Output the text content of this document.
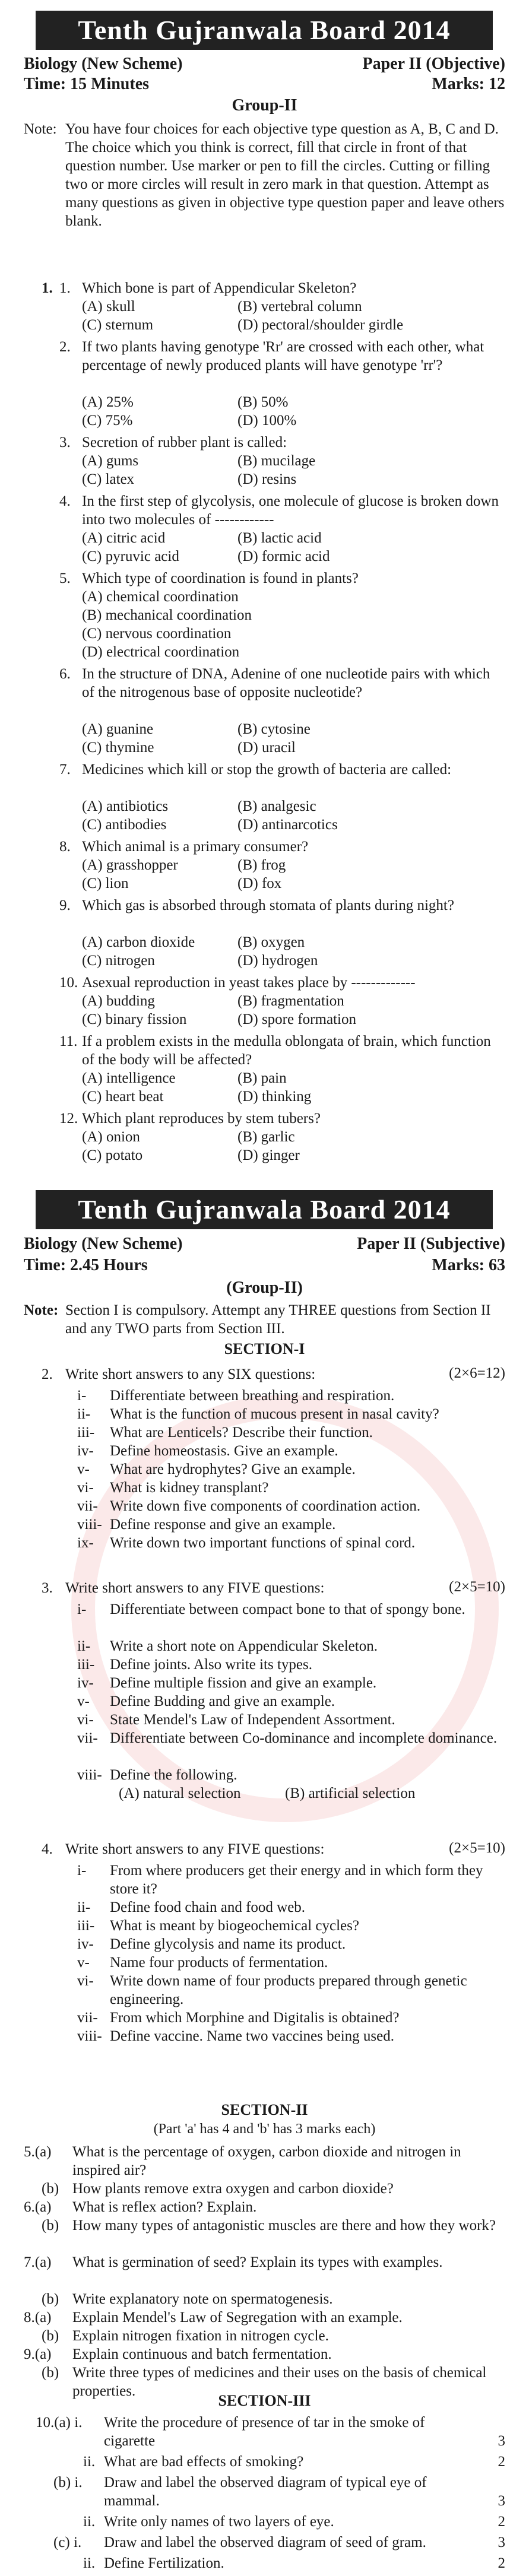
Tenth Gujranwala Board 2014
Biology (New Scheme)	Paper II (Objective)
Time: 15 Minutes	Marks: 12
Group-II
Note: You have four choices for each objective type question as A, B, C and D. The choice which you think is correct, fill that circle in front of that question number. Use marker or pen to fill the circles. Cutting or filling two or more circles will result in zero mark in that question. Attempt as many questions as given in objective type question paper and leave others blank.
1. 1. Which bone is part of Appendicular Skeleton?
(A) skull	(B) vertebral column
(C) sternum	(D) pectoral/shoulder girdle
2. If two plants having genotype 'Rr' are crossed with each other, what percentage of newly produced plants will have genotype 'rr'?
(A) 25%	(B) 50%
(C) 75%	(D) 100%
3. Secretion of rubber plant is called:
(A) gums	(B) mucilage
(C) latex	(D) resins
4. In the first step of glycolysis, one molecule of glucose is broken down into two molecules of ------------
(A) citric acid	(B) lactic acid
(C) pyruvic acid	(D) formic acid
5. Which type of coordination is found in plants?
(A) chemical coordination
(B) mechanical coordination
(C) nervous coordination
(D) electrical coordination
6. In the structure of DNA, Adenine of one nucleotide pairs with which of the nitrogenous base of opposite nucleotide?
(A) guanine	(B) cytosine
(C) thymine	(D) uracil
7. Medicines which kill or stop the growth of bacteria are called:
(A) antibiotics	(B) analgesic
(C) antibodies	(D) antinarcotics
8. Which animal is a primary consumer?
(A) grasshopper	(B) frog
(C) lion	(D) fox
9. Which gas is absorbed through stomata of plants during night?
(A) carbon dioxide	(B) oxygen
(C) nitrogen	(D) hydrogen
10. Asexual reproduction in yeast takes place by -------------
(A) budding	(B) fragmentation
(C) binary fission	(D) spore formation
11. If a problem exists in the medulla oblongata of brain, which function of the body will be affected?
(A) intelligence	(B) pain
(C) heart beat	(D) thinking
12. Which plant reproduces by stem tubers?
(A) onion	(B) garlic
(C) potato	(D) ginger
Tenth Gujranwala Board 2014
Biology (New Scheme)	Paper II (Subjective)
Time: 2.45 Hours	Marks: 63
(Group-II)
Note: Section I is compulsory. Attempt any THREE questions from Section II and any TWO parts from Section III.
SECTION-I
2. Write short answers to any SIX questions:	(2×6=12)
i-	Differentiate between breathing and respiration.
ii-	What is the function of mucous present in nasal cavity?
iii-	What are Lenticels? Describe their function.
iv-	Define homeostasis. Give an example.
v-	What are hydrophytes? Give an example.
vi-	What is kidney transplant?
vii- Write down five components of coordination action.
viii- Define response and give an example.
ix-	Write down two important functions of spinal cord.
3. Write short answers to any FIVE questions:	(2×5=10)
i-	Differentiate between compact bone to that of spongy bone.
ii-	Write a short note on Appendicular Skeleton.
iii-	Define joints. Also write its types.
iv-	Define multiple fission and give an example.
v-	Define Budding and give an example.
vi-	State Mendel's Law of Independent Assortment.
vii- Differentiate between Co-dominance and incomplete dominance.
viii- Define the following.
(A) natural selection	(B) artificial selection
4. Write short answers to any FIVE questions:	(2×5=10)
i-	From where producers get their energy and in which form they store it?
ii-	Define food chain and food web.
iii-	What is meant by biogeochemical cycles?
iv-	Define glycolysis and name its product.
v-	Name four products of fermentation.
vi-	Write down name of four products prepared through genetic engineering.
vii- From which Morphine and Digitalis is obtained?
viii- Define vaccine. Name two vaccines being used.
SECTION-II
(Part 'a' has 4 and 'b' has 3 marks each)
5.(a)	What is the percentage of oxygen, carbon dioxide and nitrogen in inspired air?
(b) How plants remove extra oxygen and carbon dioxide?
6.(a)	What is reflex action? Explain.
(b) How many types of antagonistic muscles are there and how they work?
7.(a)	What is germination of seed? Explain its types with examples.
(b) Write explanatory note on spermatogenesis.
8.(a)	Explain Mendel's Law of Segregation with an example.
(b) Explain nitrogen fixation in nitrogen cycle.
9.(a)	Explain continuous and batch fermentation.
(b) Write three types of medicines and their uses on the basis of chemical properties.
SECTION-III
10.(a) i. Write the procedure of presence of tar in the smoke of cigarette	3
ii. What are bad effects of smoking?	2
(b) i. Draw and label the observed diagram of typical eye of mammal.	3
ii. Write only names of two layers of eye.	2
(c) i. Draw and label the observed diagram of seed of gram.	3
ii. Define Fertilization.	2
